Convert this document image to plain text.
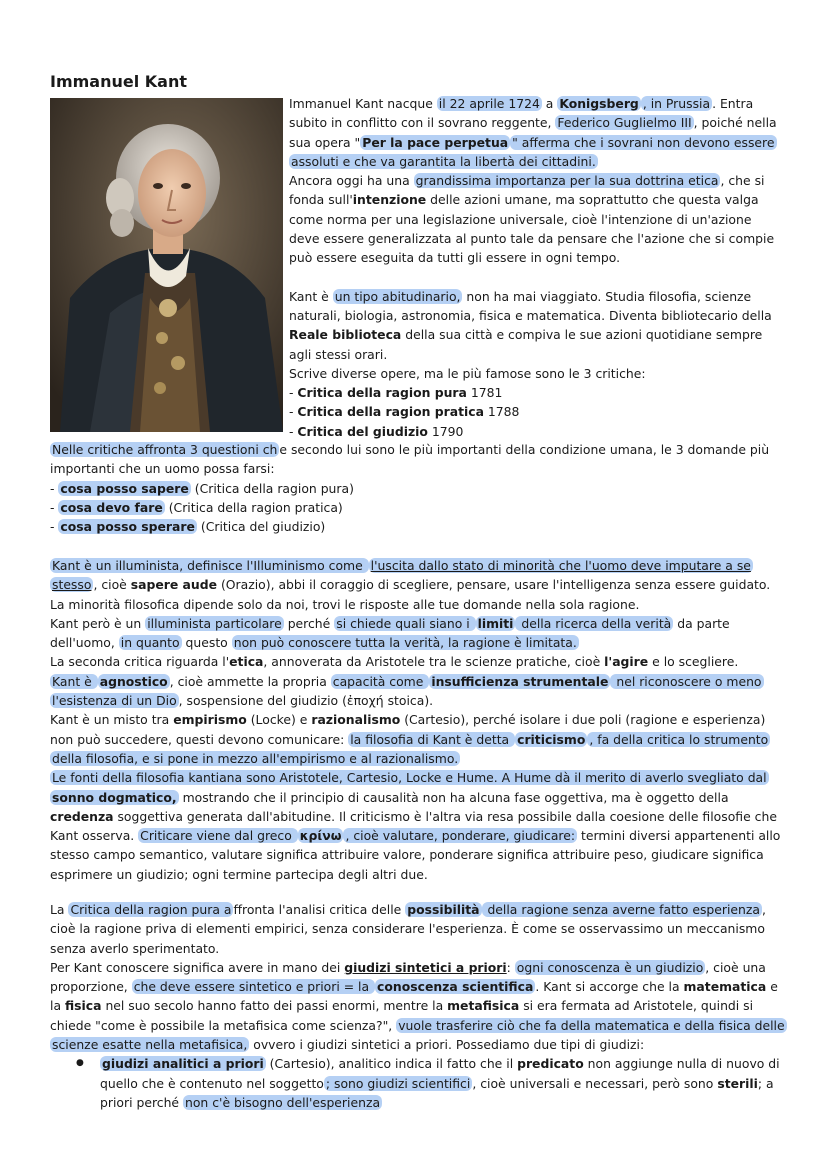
Immanuel Kant

Immanuel Kant nacque il 22 aprile 1724 a Konigsberg , in Prussia . Entra subito in conflitto con il sovrano reggente, Federico Guglielmo III , poiché nella sua opera " Per la pace perpetua " afferma che i sovrani non devono essere assoluti e che va garantita la libertà dei cittadini.

Ancora oggi ha una grandissima importanza per la sua dottrina etica , che si fonda sull'intenzione delle azioni umane, ma soprattutto che questa valga come norma per una legislazione universale, cioè l'intenzione di un'azione deve essere generalizzata al punto tale da pensare che l'azione che si compie può essere eseguita da tutti gli essere in ogni tempo.

Kant è un tipo abitudinario, non ha mai viaggiato. Studia filosofia, scienze naturali, biologia, astronomia, fisica e matematica. Diventa bibliotecario della Reale biblioteca della sua città e compiva le sue azioni quotidiane sempre agli stessi orari.

Scrive diverse opere, ma le più famose sono le 3 critiche:

- Critica della ragion pura 1781

- Critica della ragion pratica 1788

- Critica del giudizio 1790

Nelle critiche affronta 3 questioni ch e secondo lui sono le più importanti della condizione umana, le 3 domande più importanti che un uomo possa farsi:

- cosa posso sapere (Critica della ragion pura)

- cosa devo fare (Critica della ragion pratica)

- cosa posso sperare (Critica del giudizio)

Kant è un illuminista, definisce l'Illuminismo come l'uscita dallo stato di minorità che l'uomo deve imputare a se stesso , cioè sapere aude (Orazio), abbi il coraggio di scegliere, pensare, usare l'intelligenza senza essere guidato.

La minorità filosofica dipende solo da noi, trovi le risposte alle tue domande nella sola ragione.

Kant però è un illuminista particolare perché si chiede quali siano i limiti della ricerca della verità da parte dell'uomo, in quanto questo non può conoscere tutta la verità, la ragione è limitata.

La seconda critica riguarda l'etica, annoverata da Aristotele tra le scienze pratiche, cioè l'agire e lo scegliere.

Kant è agnostico , cioè ammette la propria capacità come insufficienza strumentale nel riconoscere o meno l'esistenza di un Dio , sospensione del giudizio (ἐποχή stoica).

Kant è un misto tra empirismo (Locke) e razionalismo (Cartesio), perché isolare i due poli (ragione e esperienza) non può succedere, questi devono comunicare: la filosofia di Kant è detta criticismo , fa della critica lo strumento della filosofia, e si pone in mezzo all'empirismo e al razionalismo.

Le fonti della filosofia kantiana sono Aristotele, Cartesio, Locke e Hume. A Hume dà il merito di averlo svegliato dal sonno dogmatico, mostrando che il principio di causalità non ha alcuna fase oggettiva, ma è oggetto della credenza soggettiva generata dall'abitudine. Il criticismo è l'altra via resa possibile dalla coesione delle filosofie che Kant osserva. Criticare viene dal greco κρίνω , cioè valutare, ponderare, giudicare: termini diversi appartenenti allo stesso campo semantico, valutare significa attribuire valore, ponderare significa attribuire peso, giudicare significa esprimere un giudizio; ogni termine partecipa degli altri due.

La Critica della ragion pura a ffronta l'analisi critica delle possibilità della ragione senza averne fatto esperienza , cioè la ragione priva di elementi empirici, senza considerare l'esperienza. È come se osservassimo un meccanismo senza averlo sperimentato.

Per Kant conoscere significa avere in mano dei giudizi sintetici a priori: ogni conoscenza è un giudizio , cioè una proporzione, che deve essere sintetico e priori = la conoscenza scientifica . Kant si accorge che la matematica e la fisica nel suo secolo hanno fatto dei passi enormi, mentre la metafisica si era fermata ad Aristotele, quindi si chiede "come è possibile la metafisica come scienza?", vuole trasferire ciò che fa della matematica e della fisica delle scienze esatte nella metafisica, ovvero i giudizi sintetici a priori. Possediamo due tipi di giudizi:

● giudizi analitici a priori (Cartesio), analitico indica il fatto che il predicato non aggiunge nulla di nuovo di quello che è contenuto nel soggetto ; sono giudizi scientifici , cioè universali e necessari, però sono sterili; a priori perché non c'è bisogno dell'esperienza
